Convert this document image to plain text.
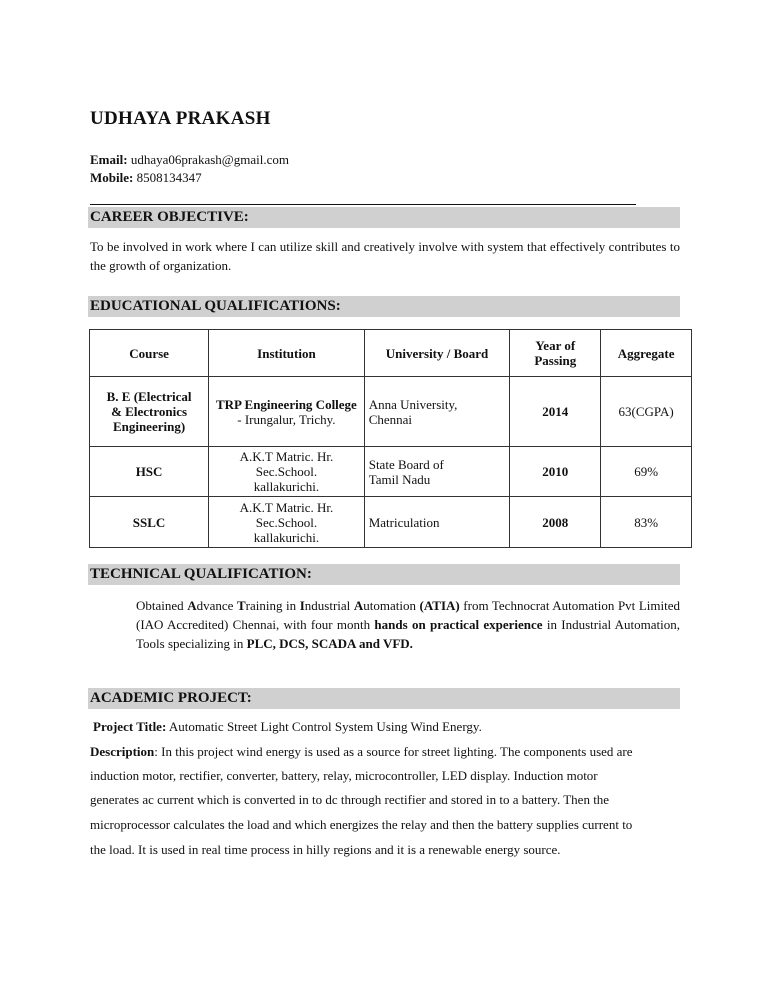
UDHAYA PRAKASH
Email: udhaya06prakash@gmail.com
Mobile: 8508134347
CAREER OBJECTIVE:
To be involved in work where I can utilize skill and creatively involve with system that effectively contributes to the growth of organization.
EDUCATIONAL QUALIFICATIONS:
Course	Institution	University / Board	Year of Passing	Aggregate
B. E (Electrical & Electronics Engineering)	TRP Engineering College - Irungalur, Trichy.	Anna University, Chennai	2014	63(CGPA)
HSC	A.K.T Matric. Hr. Sec.School. kallakurichi.	State Board of Tamil Nadu	2010	69%
SSLC	A.K.T Matric. Hr. Sec.School. kallakurichi.	Matriculation	2008	83%
TECHNICAL QUALIFICATION:
Obtained Advance Training in Industrial Automation (ATIA) from Technocrat Automation Pvt Limited (IAO Accredited) Chennai, with four month hands on practical experience in Industrial Automation, Tools specializing in PLC, DCS, SCADA and VFD.
ACADEMIC PROJECT:
Project Title: Automatic Street Light Control System Using Wind Energy.
Description: In this project wind energy is used as a source for street lighting. The components used are
induction motor, rectifier, converter, battery, relay, microcontroller, LED display. Induction motor
generates ac current which is converted in to dc through rectifier and stored in to a battery. Then the
microprocessor calculates the load and which energizes the relay and then the battery supplies current to
the load. It is used in real time process in hilly regions and it is a renewable energy source.
